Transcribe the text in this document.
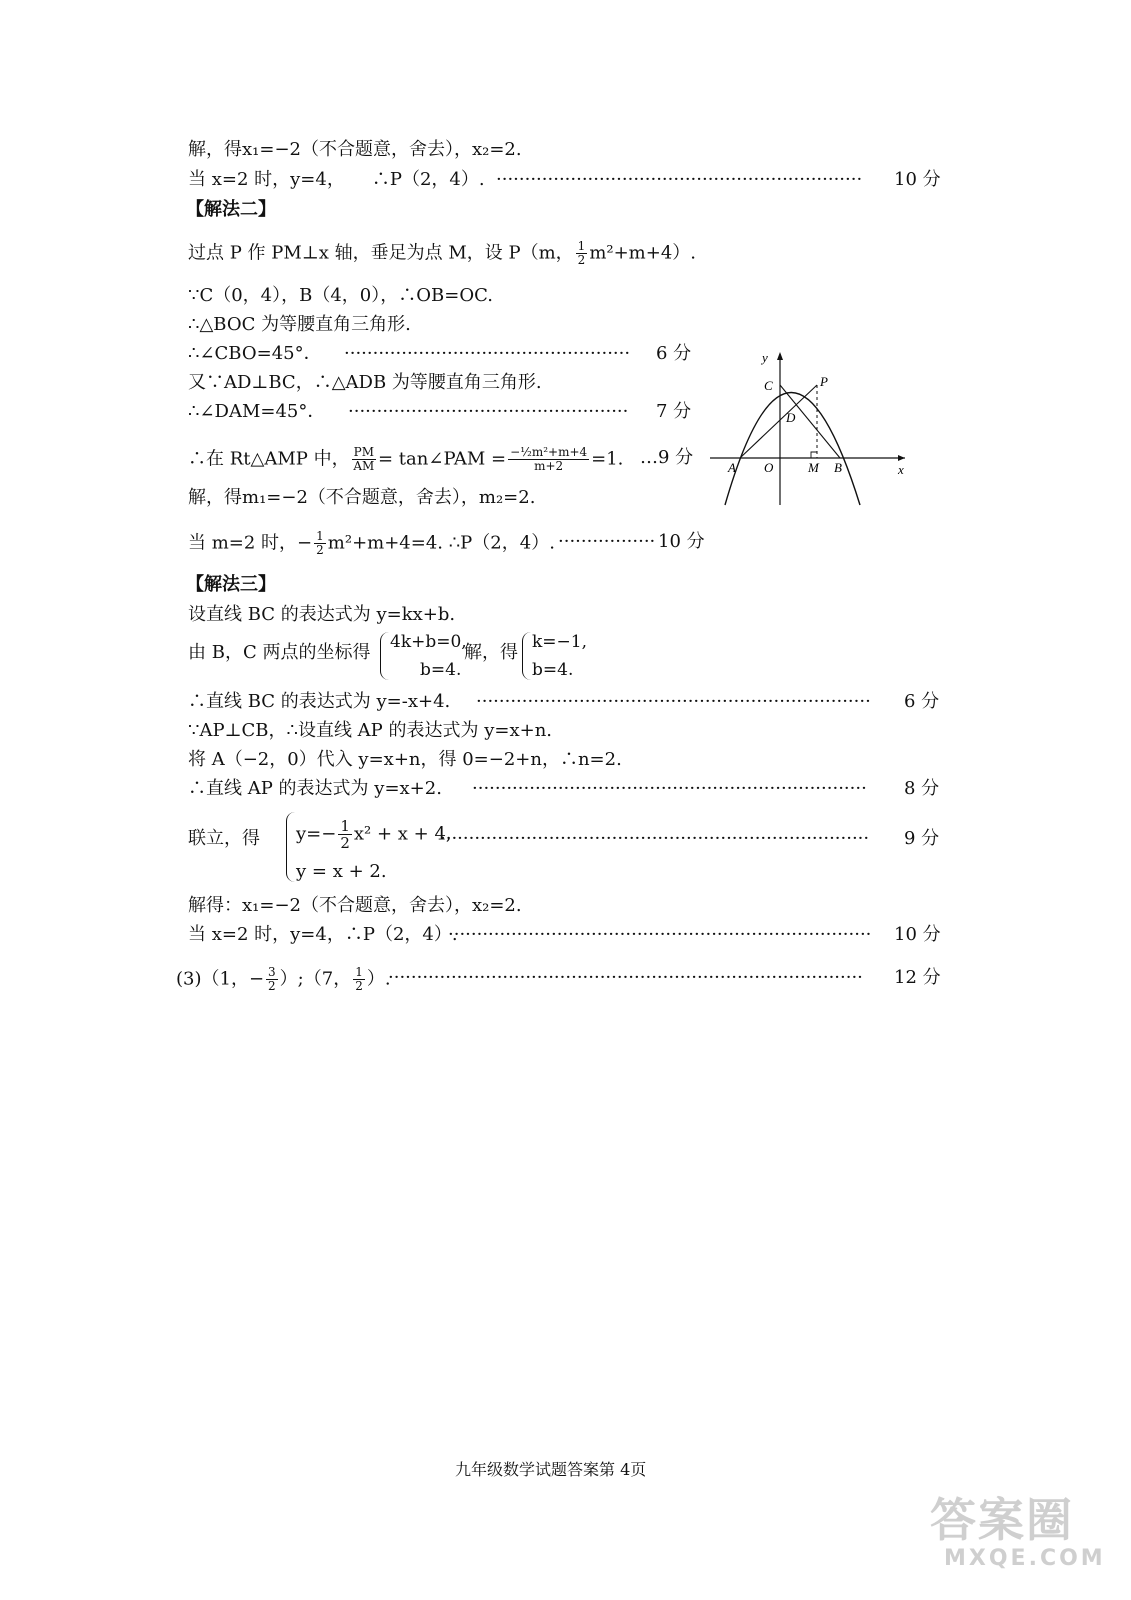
解，得x₁=−2（不合题意，舍去），x₂=2.
当 x=2 时，y=4，　　∴P（2，4）. ································································	10 分
【解法二】
过点 P 作 PM⊥x 轴，垂足为点 M，设 P（m， $\frac{1}{2} m^2+m+4$）.
∵C（0，4），B（4，0），∴OB=OC.
∴△BOC 为等腰直角三角形.
∴∠CBO=45°． ··················································	6 分
又∵AD⊥BC，∴△ADB 为等腰直角三角形.
∴∠DAM=45°． ·················································	7 分
∴在 Rt△AMP 中， $\frac{PM}{AM}$ = tan∠PAM = $\frac{\text{−½m²+m+4}}{m+2} =1$. …9 分
解，得m₁=−2（不合题意，舍去），m₂=2.
当 m=2 时，− $\frac{1}{2} m^2+m+4=4$. ∴P（2，4）. ················· 10 分
y
x
C	P
D
A O	M B
【解法三】
设直线 BC 的表达式为 y=kx+b.
由 B，C 两点的坐标得 4k+b=0,
b=4.
解，得 k=−1,
b=4.
∴直线 BC 的表达式为 y=-x+4. ·····································································	6 分
∵AP⊥CB，∴设直线 AP 的表达式为 y=x+n.
将 A（−2，0）代入 y=x+n，得 0=−2+n，∴n=2.
∴直线 AP 的表达式为 y=x+2. ·····································································	8 分
联立，得 $y=- \frac{1}{2} x^2 + x + 4$,
y = x + 2.
···········································································	9 分
解得：x₁=−2（不合题意，舍去），x₂=2.
当 x=2 时，y=4，∴P（2，4）.
··········································································	10 分
(3)（1，− $\frac{3}{2}$ ）;（7， $\frac{1}{2}$ ）.
···················································································	12 分
九年级数学试题答案第 4页
答案圈
MXQE.COM
